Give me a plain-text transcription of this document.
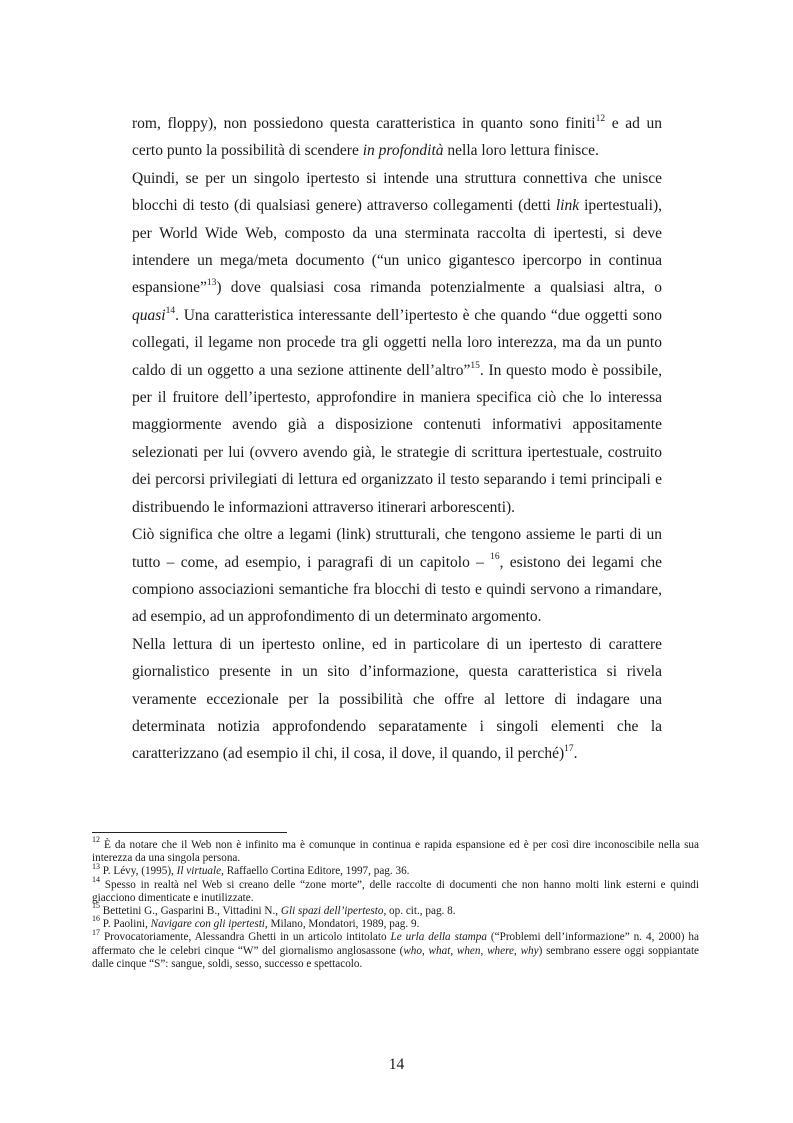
rom, floppy), non possiedono questa caratteristica in quanto sono finiti$^{12}$ e ad un certo punto la possibilità di scendere in profondità nella loro lettura finisce.

Quindi, se per un singolo ipertesto si intende una struttura connettiva che unisce blocchi di testo (di qualsiasi genere) attraverso collegamenti (detti link ipertestuali), per World Wide Web, composto da una sterminata raccolta di ipertesti, si deve intendere un mega/meta documento (“un unico gigantesco ipercorpo in continua espansione”$^{13}$) dove qualsiasi cosa rimanda potenzialmente a qualsiasi altra, o quasi$^{14}$. Una caratteristica interessante dell’ipertesto è che quando “due oggetti sono collegati, il legame non procede tra gli oggetti nella loro interezza, ma da un punto caldo di un oggetto a una sezione attinente dell’altro”$^{15}$. In questo modo è possibile, per il fruitore dell’ipertesto, approfondire in maniera specifica ciò che lo interessa maggiormente avendo già a disposizione contenuti informativi appositamente selezionati per lui (ovvero avendo già, le strategie di scrittura ipertestuale, costruito dei percorsi privilegiati di lettura ed organizzato il testo separando i temi principali e distribuendo le informazioni attraverso itinerari arborescenti).

Ciò significa che oltre a legami (link) strutturali, che tengono assieme le parti di un tutto – come, ad esempio, i paragrafi di un capitolo – $^{16}$, esistono dei legami che compiono associazioni semantiche fra blocchi di testo e quindi servono a rimandare, ad esempio, ad un approfondimento di un determinato argomento.

Nella lettura di un ipertesto online, ed in particolare di un ipertesto di carattere giornalistico presente in un sito d’informazione, questa caratteristica si rivela veramente eccezionale per la possibilità che offre al lettore di indagare una determinata notizia approfondendo separatamente i singoli elementi che la caratterizzano (ad esempio il chi, il cosa, il dove, il quando, il perché)$^{17}$.

$^{12}$ È da notare che il Web non è infinito ma è comunque in continua e rapida espansione ed è per così dire inconoscibile nella sua interezza da una singola persona.

$^{13}$ P. Lévy, (1995), Il virtuale, Raffaello Cortina Editore, 1997, pag. 36.

$^{14}$ Spesso in realtà nel Web si creano delle “zone morte”, delle raccolte di documenti che non hanno molti link esterni e quindi giacciono dimenticate e inutilizzate.

$^{15}$ Bettetini G., Gasparini B., Vittadini N., Gli spazi dell’ipertesto, op. cit., pag. 8.

$^{16}$ P. Paolini, Navigare con gli ipertesti, Milano, Mondatori, 1989, pag. 9.

$^{17}$ Provocatoriamente, Alessandra Ghetti in un articolo intitolato Le urla della stampa (“Problemi dell’informazione” n. 4, 2000) ha affermato che le celebri cinque “W” del giornalismo anglosassone (who, what, when, where, why) sembrano essere oggi soppiantate dalle cinque “S”: sangue, soldi, sesso, successo e spettacolo.

14
